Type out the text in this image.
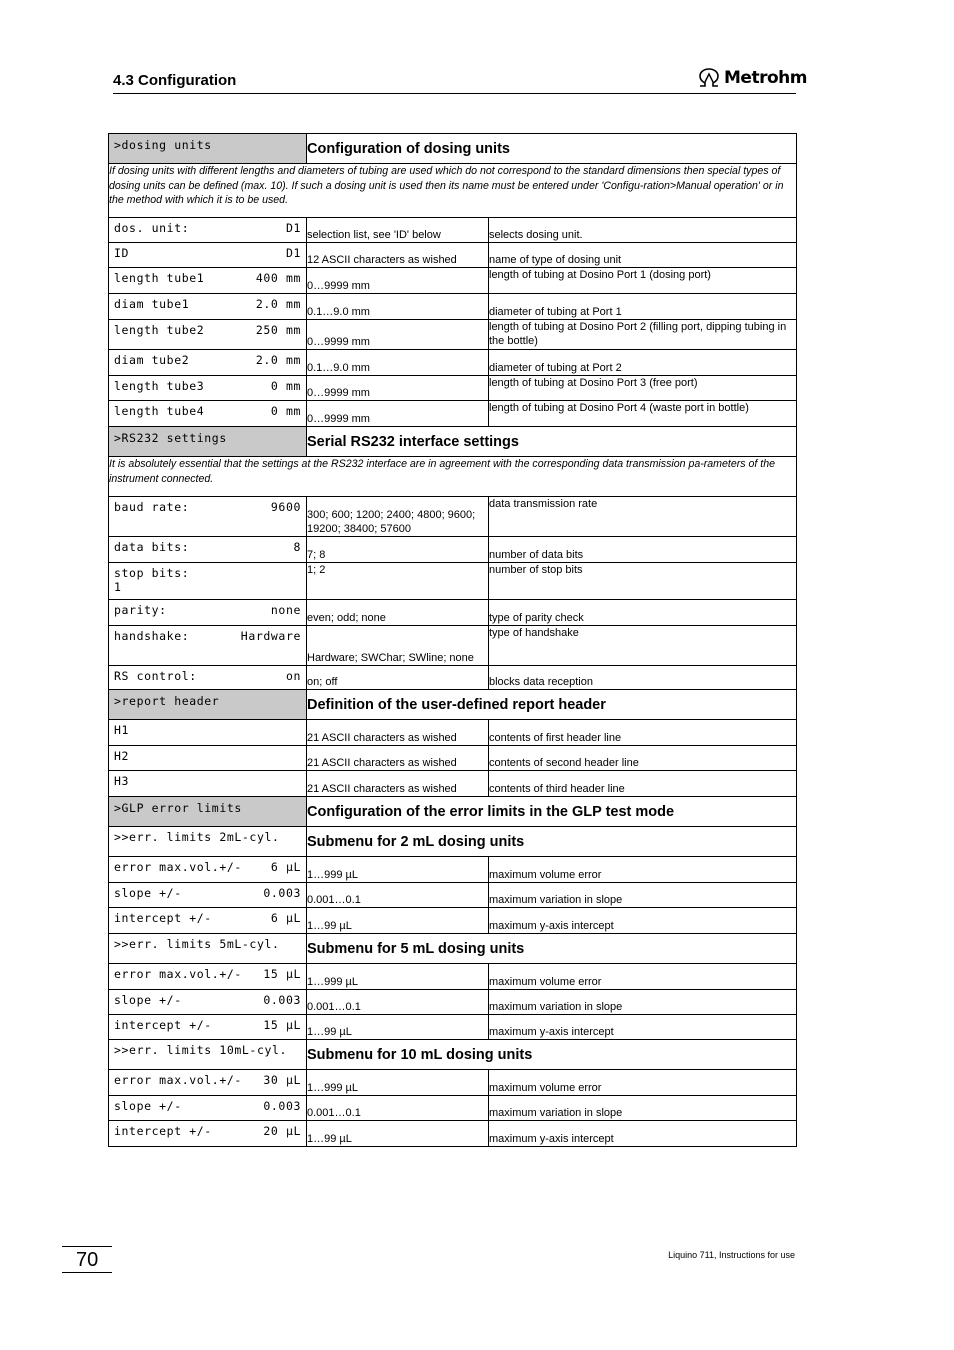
4.3 Configuration	Metrohm
>dosing units	Configuration of dosing units	
If dosing units with different lengths and diameters of tubing are used which do not correspond to the standard dimensions then special types of dosing units can be defined (max. 10). If such a dosing unit is used then its name must be entered under 'Configu-ration>Manual operation' or in the method with which it is to be used.		

dos. unit: D1	selection list, see 'ID' below	selects dosing unit.

ID D1	12 ASCII characters as wished	name of type of dosing unit

length tube1 400 mm	0…9999 mm	length of tubing at Dosino Port 1 (dosing port)

diam tube1 2.0 mm	0.1…9.0 mm	diameter of tubing at Port 1

length tube2 250 mm	0…9999 mm	length of tubing at Dosino Port 2 (filling port, dipping tubing in the bottle)

diam tube2 2.0 mm	0.1…9.0 mm	diameter of tubing at Port 2

length tube3 0 mm	0…9999 mm	length of tubing at Dosino Port 3 (free port)

length tube4 0 mm	0…9999 mm	length of tubing at Dosino Port 4 (waste port in bottle)

>RS232 settings	Serial RS232 interface settings	
It is absolutely essential that the settings at the RS232 interface are in agreement with the corresponding data transmission pa-rameters of the instrument connected.		

baud rate: 9600	300; 600; 1200; 2400; 4800; 9600; 19200; 38400; 57600	data transmission rate

data bits: 8	7; 8	number of data bits

stop bits:
1	1; 2	number of stop bits

parity: none	even; odd; none	type of parity check

handshake: Hardware	Hardware; SWChar; SWline; none	type of handshake

RS control: on	on; off	blocks data reception

>report header	Definition of the user-defined report header	

H1	21 ASCII characters as wished	contents of first header line

H2	21 ASCII characters as wished	contents of second header line

H3	21 ASCII characters as wished	contents of third header line

>GLP error limits	Configuration of the error limits in the GLP test mode	

>>err. limits 2mL-cyl.	Submenu for 2 mL dosing units	

error max.vol.+/- 6 µL	1…999 µL	maximum volume error

slope +/- 0.003	0.001…0.1	maximum variation in slope

intercept +/- 6 µL	1…99 µL	maximum y-axis intercept

>>err. limits 5mL-cyl.	Submenu for 5 mL dosing units	

error max.vol.+/- 15 µL	1…999 µL	maximum volume error

slope +/- 0.003	0.001…0.1	maximum variation in slope

intercept +/- 15 µL	1…99 µL	maximum y-axis intercept

>>err. limits 10mL-cyl.	Submenu for 10 mL dosing units	

error max.vol.+/- 30 µL	1…999 µL	maximum volume error

slope +/- 0.003	0.001…0.1	maximum variation in slope

intercept +/- 20 µL	1…99 µL	maximum y-axis intercept
70	Liquino 711, Instructions for use
